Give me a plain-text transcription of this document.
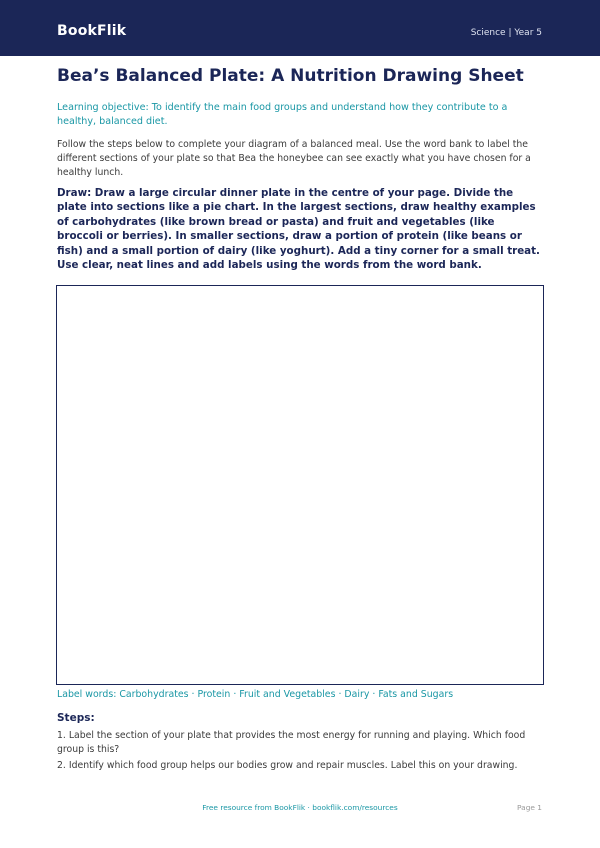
BookFlik	Science | Year 5
Bea’s Balanced Plate: A Nutrition Drawing Sheet
Learning objective: To identify the main food groups and understand how they contribute to a healthy, balanced diet.
Follow the steps below to complete your diagram of a balanced meal. Use the word bank to label the different sections of your plate so that Bea the honeybee can see exactly what you have chosen for a healthy lunch.
Draw: Draw a large circular dinner plate in the centre of your page. Divide the plate into sections like a pie chart. In the largest sections, draw healthy examples of carbohydrates (like brown bread or pasta) and fruit and vegetables (like broccoli or berries). In smaller sections, draw a portion of protein (like beans or fish) and a small portion of dairy (like yoghurt). Add a tiny corner for a small treat. Use clear, neat lines and add labels using the words from the word bank.
Label words: Carbohydrates · Protein · Fruit and Vegetables · Dairy · Fats and Sugars
Steps:
1. Label the section of your plate that provides the most energy for running and playing. Which food group is this?
2. Identify which food group helps our bodies grow and repair muscles. Label this on your drawing.
Free resource from BookFlik · bookflik.com/resources	Page 1
